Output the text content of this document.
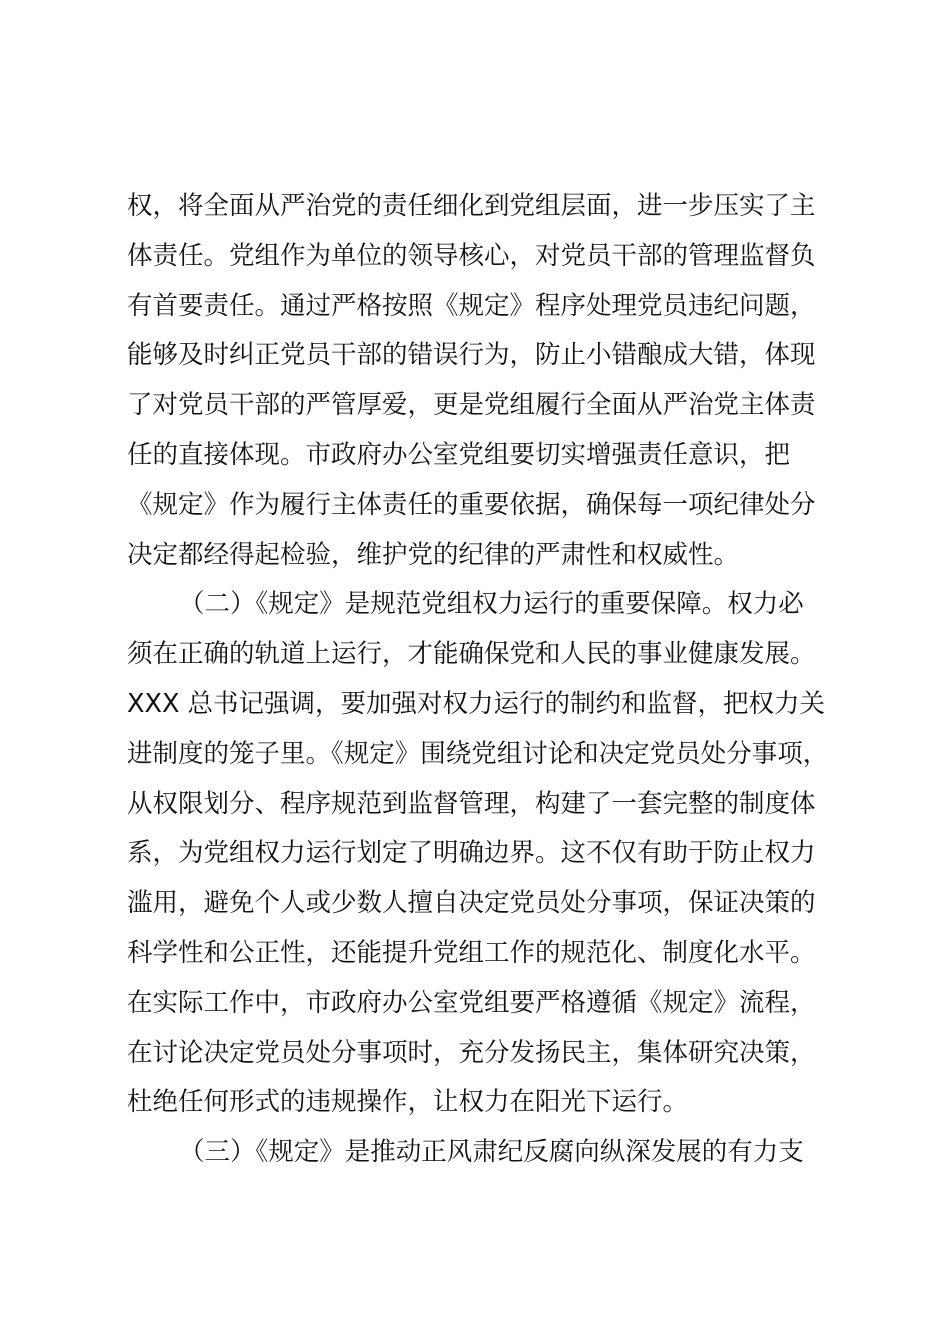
权，将全面从严治党的责任细化到党组层面，进一步压实了主
体责任。党组作为单位的领导核心，对党员干部的管理监督负
有首要责任。通过严格按照《规定》程序处理党员违纪问题，
能够及时纠正党员干部的错误行为，防止小错酿成大错，体现
了对党员干部的严管厚爱，更是党组履行全面从严治党主体责
任的直接体现。市政府办公室党组要切实增强责任意识，把
《规定》作为履行主体责任的重要依据，确保每一项纪律处分
决定都经得起检验，维护党的纪律的严肃性和权威性。
（二）《规定》是规范党组权力运行的重要保障。权力必
须在正确的轨道上运行，才能确保党和人民的事业健康发展。
XXX 总书记强调，要加强对权力运行的制约和监督，把权力关
进制度的笼子里。《规定》围绕党组讨论和决定党员处分事项，
从权限划分、程序规范到监督管理，构建了一套完整的制度体
系，为党组权力运行划定了明确边界。这不仅有助于防止权力
滥用，避免个人或少数人擅自决定党员处分事项，保证决策的
科学性和公正性，还能提升党组工作的规范化、制度化水平。
在实际工作中，市政府办公室党组要严格遵循《规定》流程，
在讨论决定党员处分事项时，充分发扬民主，集体研究决策，
杜绝任何形式的违规操作，让权力在阳光下运行。
（三）《规定》是推动正风肃纪反腐向纵深发展的有力支
